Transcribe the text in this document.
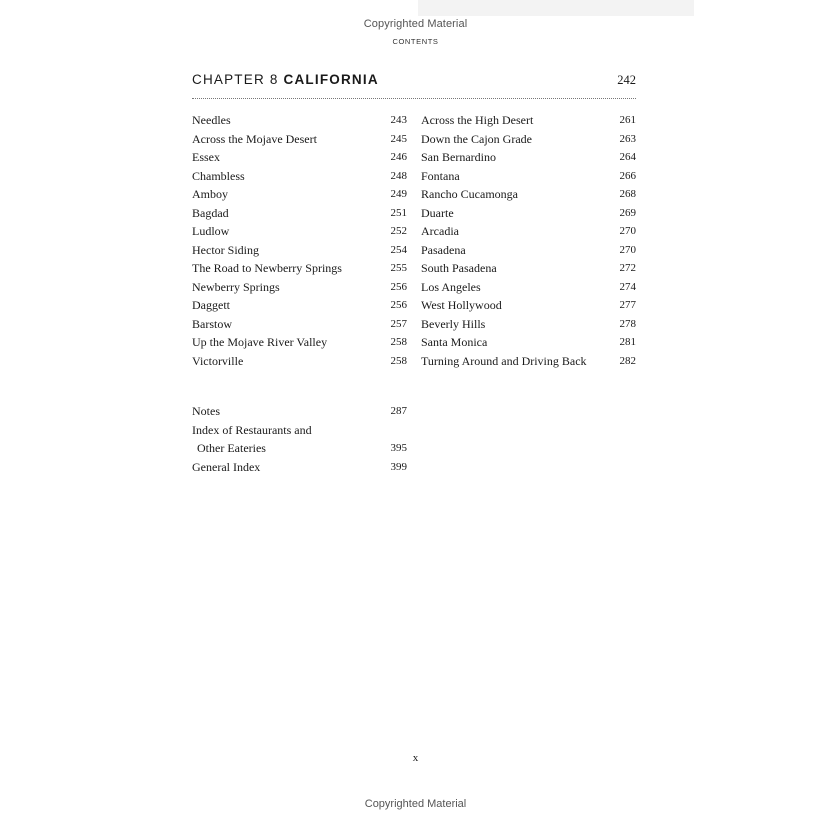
Copyrighted Material
CONTENTS
CHAPTER 8 CALIFORNIA	242
Needles	243
Across the Mojave Desert	245
Essex	246
Chambless	248
Amboy	249
Bagdad	251
Ludlow	252
Hector Siding	254
The Road to Newberry Springs	255
Newberry Springs	256
Daggett	256
Barstow	257
Up the Mojave River Valley	258
Victorville	258
Across the High Desert	261
Down the Cajon Grade	263
San Bernardino	264
Fontana	266
Rancho Cucamonga	268
Duarte	269
Arcadia	270
Pasadena	270
South Pasadena	272
Los Angeles	274
West Hollywood	277
Beverly Hills	278
Santa Monica	281
Turning Around and Driving Back	282
Notes	287
Index of Restaurants and
Other Eateries	395
General Index	399
x
Copyrighted Material
